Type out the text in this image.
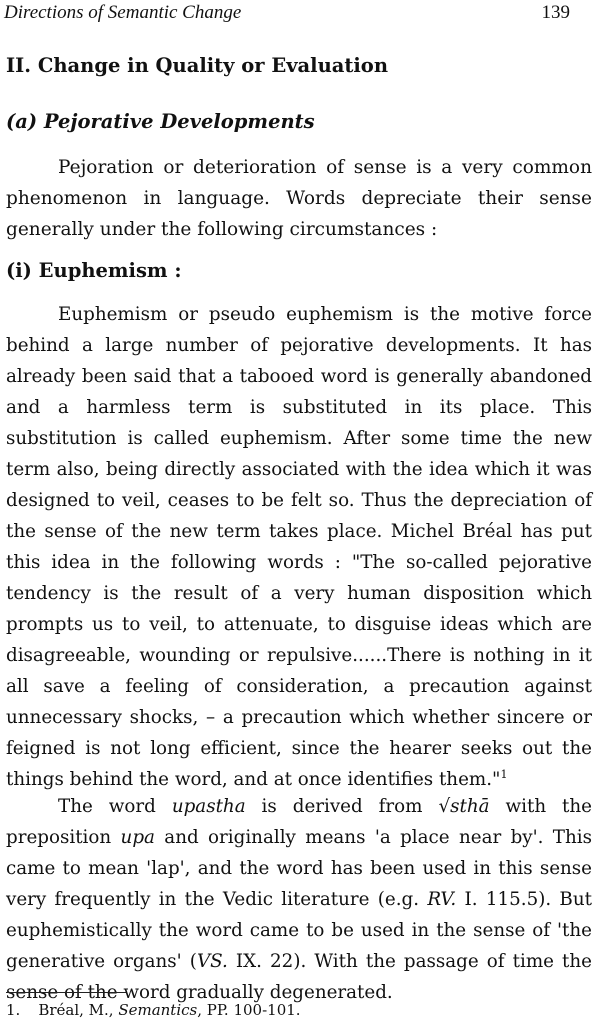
Directions of Semantic Change	139
II. Change in Quality or Evaluation
(a) Pejorative Developments

Pejoration or deterioration of sense is a very common phenomenon in language. Words depreciate their sense generally under the following circumstances :

(i) Euphemism :

Euphemism or pseudo euphemism is the motive force behind a large number of pejorative developments. It has already been said that a tabooed word is generally abandoned and a harmless term is substituted in its place. This substitution is called euphemism. After some time the new term also, being directly associated with the idea which it was designed to veil, ceases to be felt so. Thus the depreciation of the sense of the new term takes place. Michel Bréal has put this idea in the following words : "The so-called pejorative tendency is the result of a very human disposition which prompts us to veil, to attenuate, to disguise ideas which are disagreeable, wounding or repulsive......There is nothing in it all save a feeling of consideration, a precaution against unnecessary shocks, – a precaution which whether sincere or feigned is not long efficient, since the hearer seeks out the things behind the word, and at once identifies them."$^1$

The word upastha is derived from √sthā with the preposition upa and originally means 'a place near by'. This came to mean 'lap', and the word has been used in this sense very frequently in the Vedic literature (e.g. RV. I. 115.5). But euphemistically the word came to be used in the sense of 'the generative organs' (VS. IX. 22). With the passage of time the sense of the word gradually degenerated.

1. Bréal, M., Semantics, PP. 100-101.
